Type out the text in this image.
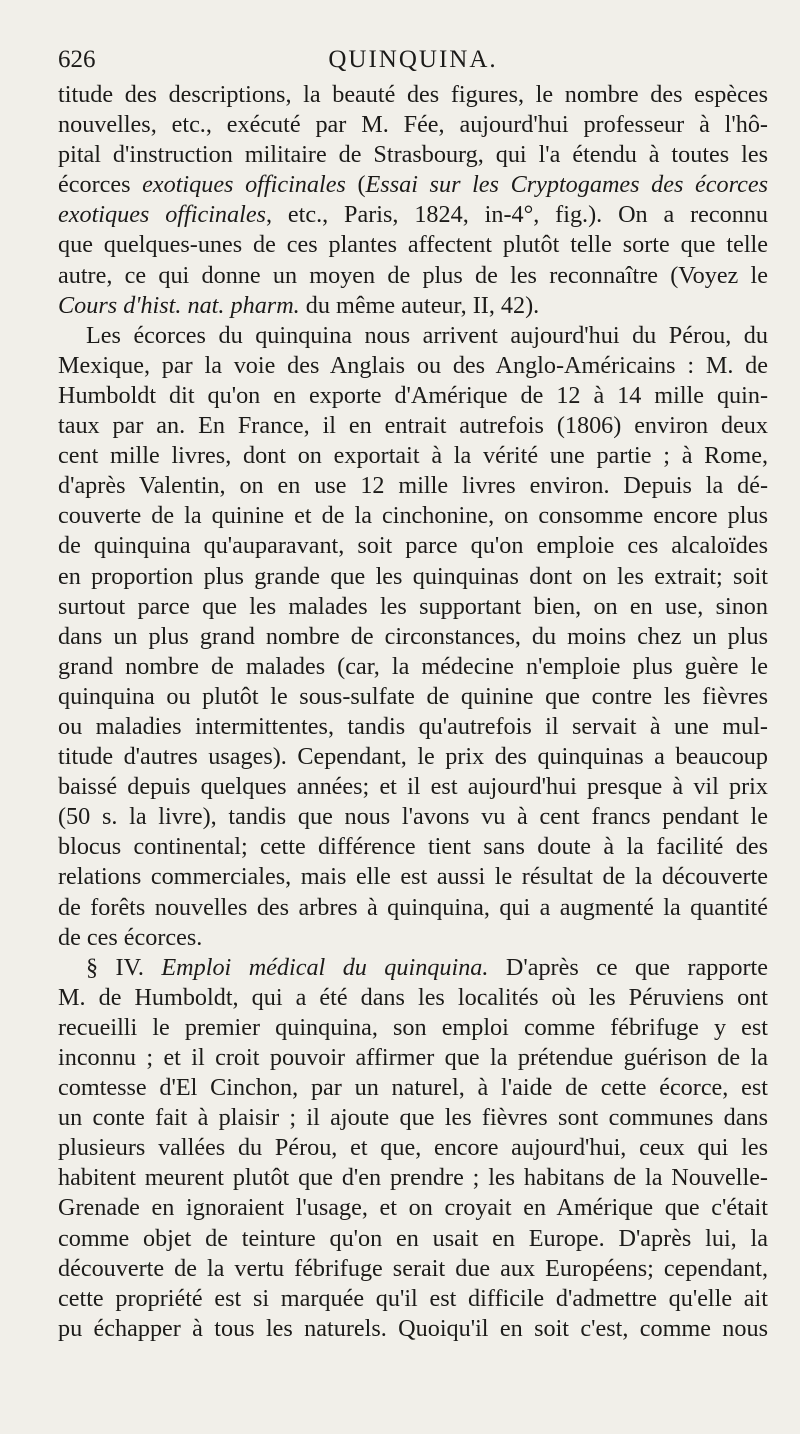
626	QUINQUINA.
titude des descriptions, la beauté des figures, le nombre des espèces
nouvelles, etc., exécuté par M. Fée, aujourd'hui professeur à l'hô-
pital d'instruction militaire de Strasbourg, qui l'a étendu à toutes les
écorces exotiques officinales (Essai sur les Cryptogames des écorces
exotiques officinales, etc., Paris, 1824, in-4°, fig.). On a reconnu
que quelques-unes de ces plantes affectent plutôt telle sorte que telle
autre, ce qui donne un moyen de plus de les reconnaître (Voyez le
Cours d'hist. nat. pharm. du même auteur, II, 42).
Les écorces du quinquina nous arrivent aujourd'hui du Pérou, du
Mexique, par la voie des Anglais ou des Anglo-Américains : M. de
Humboldt dit qu'on en exporte d'Amérique de 12 à 14 mille quin-
taux par an. En France, il en entrait autrefois (1806) environ deux
cent mille livres, dont on exportait à la vérité une partie ; à Rome,
d'après Valentin, on en use 12 mille livres environ. Depuis la dé-
couverte de la quinine et de la cinchonine, on consomme encore plus
de quinquina qu'auparavant, soit parce qu'on emploie ces alcaloïdes
en proportion plus grande que les quinquinas dont on les extrait; soit
surtout parce que les malades les supportant bien, on en use, sinon
dans un plus grand nombre de circonstances, du moins chez un plus
grand nombre de malades (car, la médecine n'emploie plus guère le
quinquina ou plutôt le sous-sulfate de quinine que contre les fièvres
ou maladies intermittentes, tandis qu'autrefois il servait à une mul-
titude d'autres usages). Cependant, le prix des quinquinas a beaucoup
baissé depuis quelques années; et il est aujourd'hui presque à vil prix
(50 s. la livre), tandis que nous l'avons vu à cent francs pendant le
blocus continental; cette différence tient sans doute à la facilité des
relations commerciales, mais elle est aussi le résultat de la découverte
de forêts nouvelles des arbres à quinquina, qui a augmenté la quantité
de ces écorces.
§ IV. Emploi médical du quinquina. D'après ce que rapporte
M. de Humboldt, qui a été dans les localités où les Péruviens ont
recueilli le premier quinquina, son emploi comme fébrifuge y est
inconnu ; et il croit pouvoir affirmer que la prétendue guérison de la
comtesse d'El Cinchon, par un naturel, à l'aide de cette écorce, est
un conte fait à plaisir ; il ajoute que les fièvres sont communes dans
plusieurs vallées du Pérou, et que, encore aujourd'hui, ceux qui les
habitent meurent plutôt que d'en prendre ; les habitans de la Nouvelle-
Grenade en ignoraient l'usage, et on croyait en Amérique que c'était
comme objet de teinture qu'on en usait en Europe. D'après lui, la
découverte de la vertu fébrifuge serait due aux Européens; cependant,
cette propriété est si marquée qu'il est difficile d'admettre qu'elle ait
pu échapper à tous les naturels. Quoiqu'il en soit c'est, comme nous
